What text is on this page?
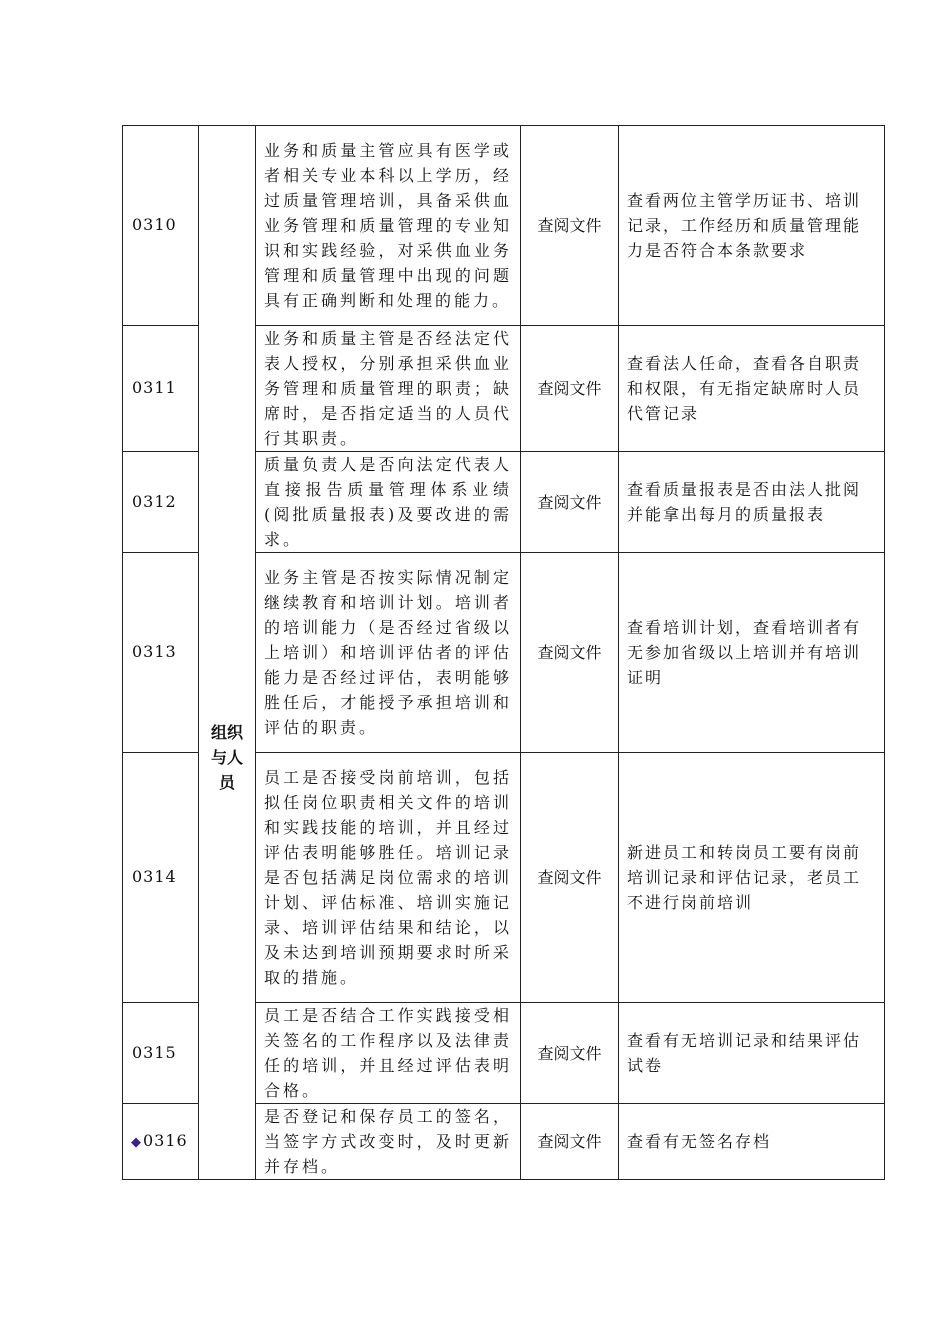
0310	组织与人员	业务和质量主管应具有医学或者相关专业本科以上学历，经过质量管理培训，具备采供血业务管理和质量管理的专业知识和实践经验，对采供血业务管理和质量管理中出现的问题具有正确判断和处理的能力。	查阅文件	查看两位主管学历证书、培训记录，工作经历和质量管理能力是否符合本条款要求
0311		业务和质量主管是否经法定代表人授权，分别承担采供血业务管理和质量管理的职责；缺席时，是否指定适当的人员代行其职责。	查阅文件	查看法人任命，查看各自职责和权限，有无指定缺席时人员代管记录
0312		质量负责人是否向法定代表人直接报告质量管理体系业绩(阅批质量报表)及要改进的需求。	查阅文件	查看质量报表是否由法人批阅并能拿出每月的质量报表
0313		业务主管是否按实际情况制定继续教育和培训计划。培训者的培训能力（是否经过省级以上培训）和培训评估者的评估能力是否经过评估，表明能够胜任后，才能授予承担培训和评估的职责。	查阅文件	查看培训计划，查看培训者有无参加省级以上培训并有培训证明
0314		员工是否接受岗前培训，包括拟任岗位职责相关文件的培训和实践技能的培训，并且经过评估表明能够胜任。培训记录是否包括满足岗位需求的培训计划、评估标准、培训实施记录、培训评估结果和结论，以及未达到培训预期要求时所采取的措施。	查阅文件	新进员工和转岗员工要有岗前培训记录和评估记录，老员工不进行岗前培训
0315		员工是否结合工作实践接受相关签名的工作程序以及法律责任的培训，并且经过评估表明合格。	查阅文件	查看有无培训记录和结果评估试卷
◆0316		是否登记和保存员工的签名，当签字方式改变时，及时更新并存档。	查阅文件	查看有无签名存档
